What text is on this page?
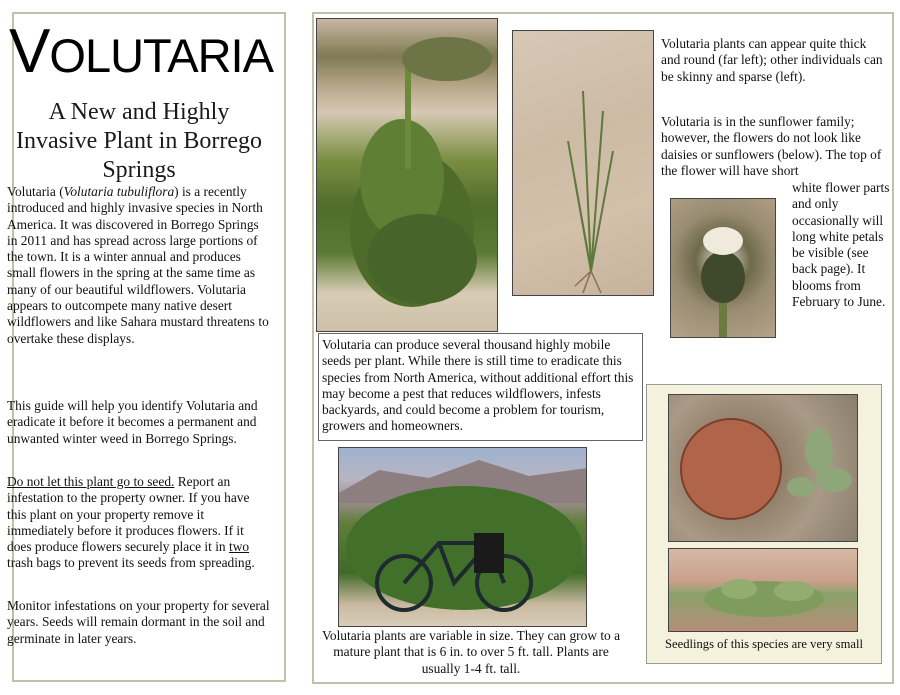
VOLUTARIA
A New and Highly Invasive Plant in Borrego Springs

Volutaria (Volutaria tubuliflora) is a recently introduced and highly invasive species in North America. It was discovered in Borrego Springs in 2011 and has spread across large portions of the town. It is a winter annual and produces small flowers in the spring at the same time as many of our beautiful wildflowers. Volutaria appears to outcompete many native desert wildflowers and like Sahara mustard threatens to overtake these displays.

This guide will help you identify Volutaria and eradicate it before it becomes a permanent and unwanted winter weed in Borrego Springs.

Do not let this plant go to seed. Report an infestation to the property owner. If you have this plant on your property remove it immediately before it produces flowers. If it does produce flowers securely place it in two trash bags to prevent its seeds from spreading.

Monitor infestations on your property for several years. Seeds will remain dormant in the soil and germinate in later years.

Volutaria plants can appear quite thick and round (far left); other individuals can be skinny and sparse (left).

Volutaria is in the sunflower family; however, the flowers do not look like daisies or sunflowers (below). The top of the flower will have short

white flower parts and only occasionally will long white petals be visible (see back page). It blooms from February to June.

Volutaria can produce several thousand highly mobile seeds per plant. While there is still time to eradicate this species from North America, without additional effort this may become a pest that reduces wildflowers, infests backyards, and could become a problem for tourism, growers and homeowners.

Volutaria plants are variable in size. They can grow to a mature plant that is 6 in. to over 5 ft. tall. Plants are usually 1-4 ft. tall.

Seedlings of this species are very small
